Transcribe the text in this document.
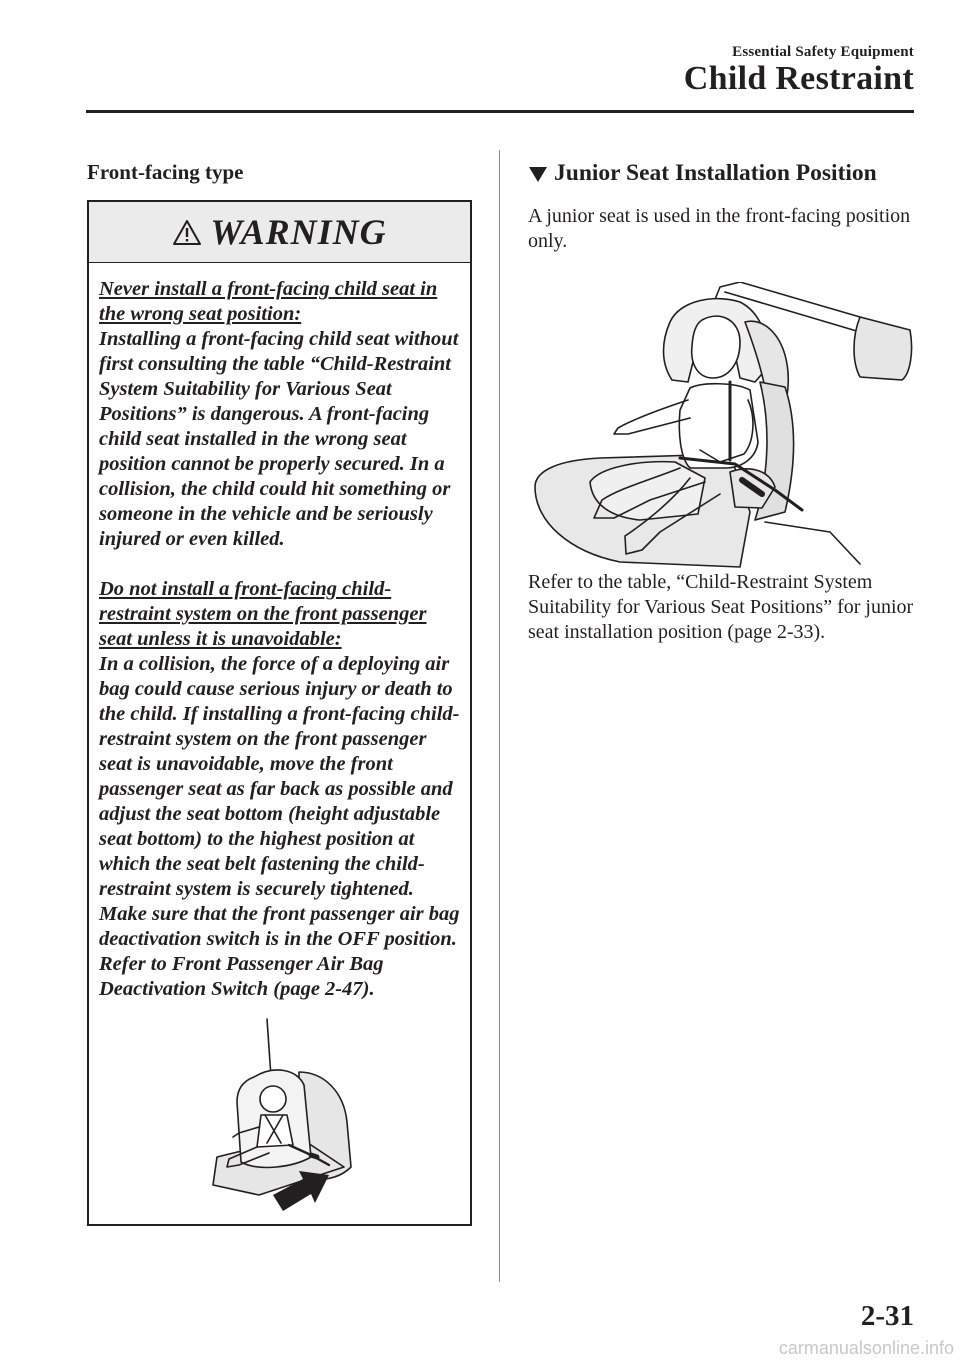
Essential Safety Equipment
Child Restraint
Front-facing type
WARNING

Never install a front-facing child seat in the wrong seat position:
Installing a front-facing child seat without first consulting the table “Child-Restraint System Suitability for Various Seat Positions” is dangerous. A front-facing child seat installed in the wrong seat position cannot be properly secured. In a collision, the child could hit something or someone in the vehicle and be seriously injured or even killed.

Do not install a front-facing child-restraint system on the front passenger seat unless it is unavoidable:
In a collision, the force of a deploying air bag could cause serious injury or death to the child. If installing a front-facing child-restraint system on the front passenger seat is unavoidable, move the front passenger seat as far back as possible and adjust the seat bottom (height adjustable seat bottom) to the highest position at which the seat belt fastening the child-restraint system is securely tightened.

Make sure that the front passenger air bag deactivation switch is in the OFF position. Refer to Front Passenger Air Bag Deactivation Switch (page 2-47).

Junior Seat Installation Position

A junior seat is used in the front-facing position only.

Refer to the table, “Child-Restraint System Suitability for Various Seat Positions” for junior seat installation position (page 2-33).

2-31
carmanualsonline.info
